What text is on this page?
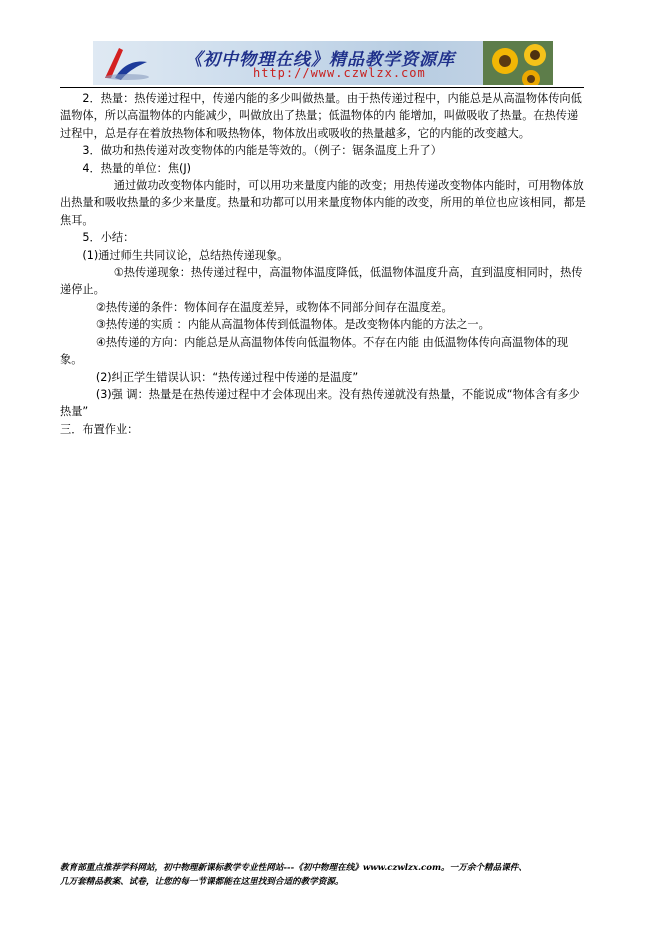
《初中物理在线》精品教学资源库
http://www.czwlzx.com

2．热量：热传递过程中，传递内能的多少叫做热量。由于热传递过程中，内能总是从高温物体传向低温物体，所以高温物体的内能减少，叫做放出了热量；低温物体的内 能增加，叫做吸收了热量。在热传递过程中，总是存在着放热物体和吸热物体，物体放出或吸收的热量越多，它的内能的改变越大。

3．做功和热传递对改变物体的内能是等效的。（例子：锯条温度上升了）

4．热量的单位：焦(J)

通过做功改变物体内能时，可以用功来量度内能的改变；用热传递改变物体内能时，可用物体放出热量和吸收热量的多少来量度。热量和功都可以用来量度物体内能的改变，所用的单位也应该相同，都是焦耳。

5．小结：

(1)通过师生共同议论，总结热传递现象。

①热传递现象：热传递过程中，高温物体温度降低，低温物体温度升高，直到温度相同时，热传递停止。

②热传递的条件：物体间存在温度差异，或物体不同部分间存在温度差。

③热传递的实质 ：内能从高温物体传到低温物体。是改变物体内能的方法之一。

④热传递的方向：内能总是从高温物体传向低温物体。不存在内能 由低温物体传向高温物体的现象。

(2)纠正学生错误认识：“热传递过程中传递的是温度”

(3)强 调：热量是在热传递过程中才会体现出来。没有热传递就没有热量，不能说成“物体含有多少热量”

三．布置作业：

教育部重点推荐学科网站，初中物理新课标教学专业性网站---《初中物理在线》www.czwlzx.com。一万余个精品课件、
几万套精品教案、试卷，让您的每一节课都能在这里找到合适的教学资源。
